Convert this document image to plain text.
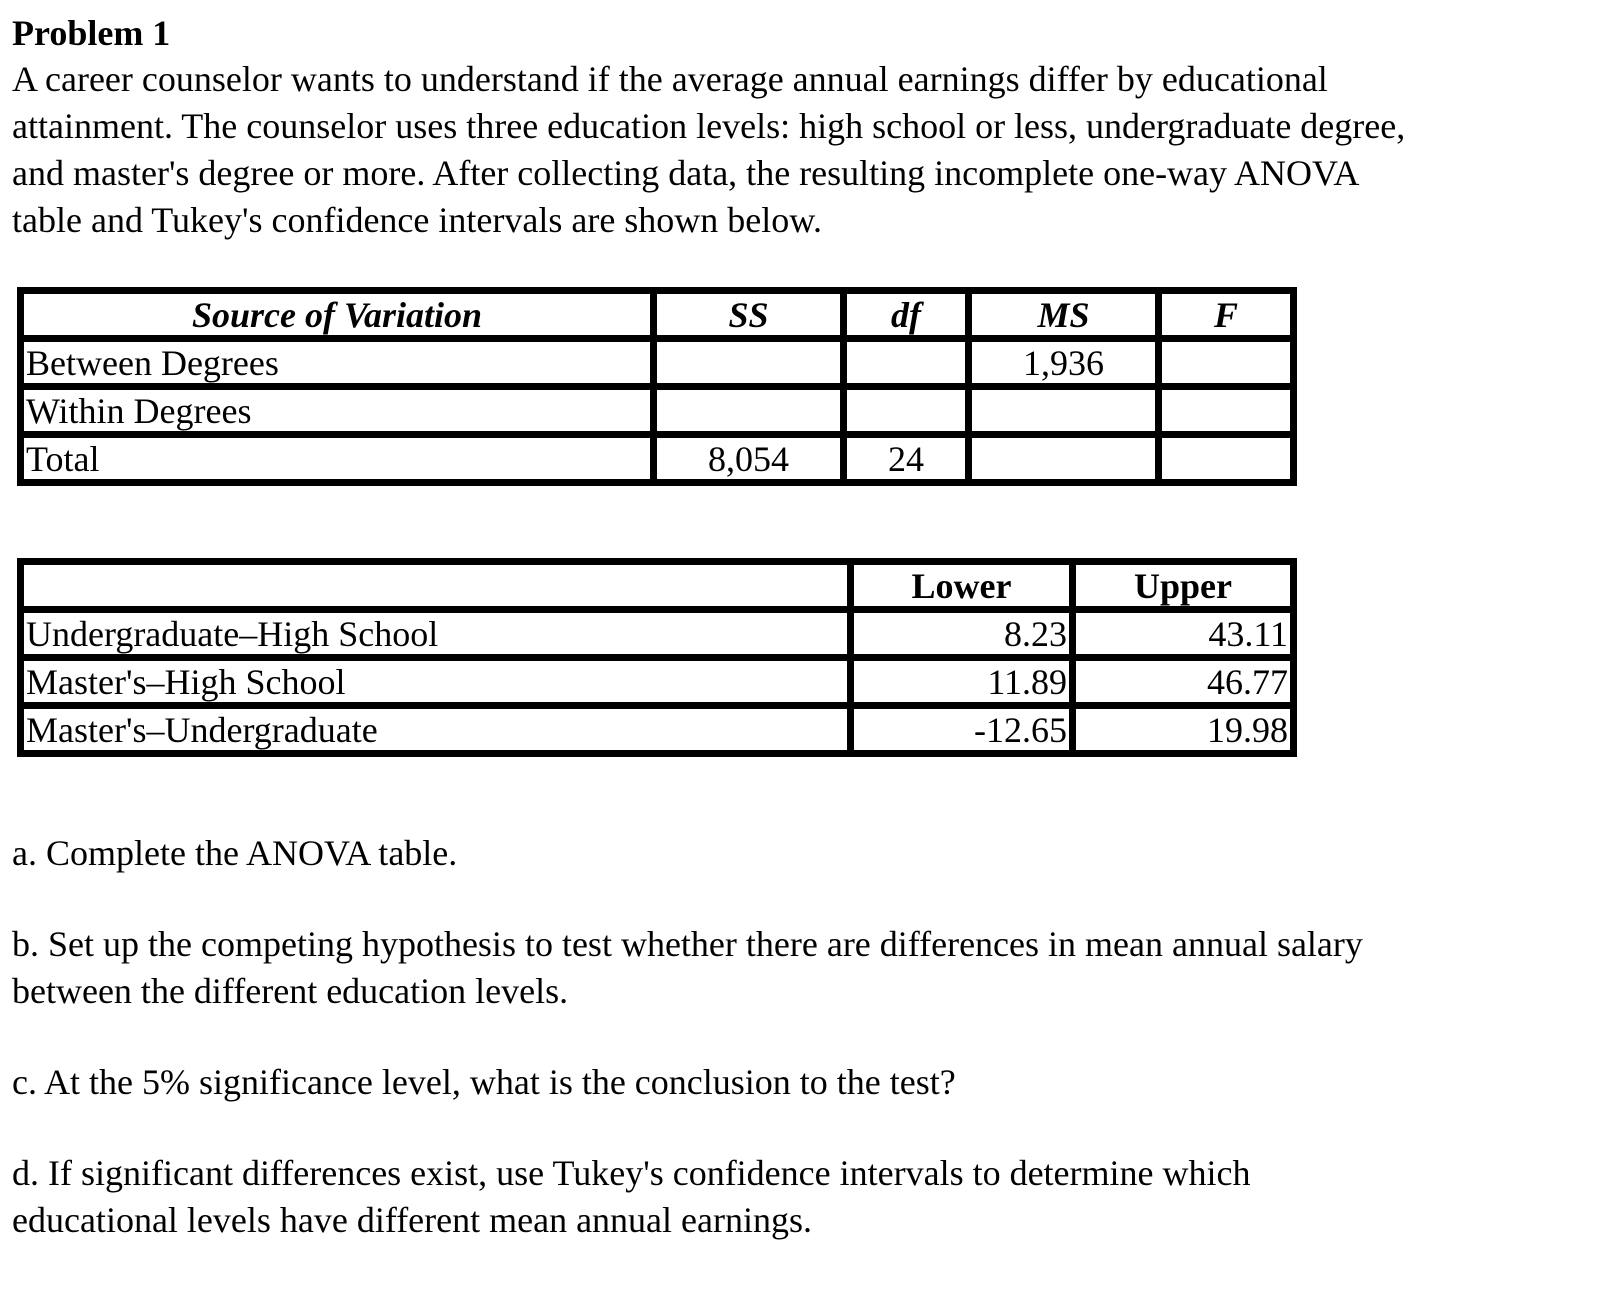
Problem 1
A career counselor wants to understand if the average annual earnings differ by educational
attainment. The counselor uses three education levels: high school or less, undergraduate degree,
and master's degree or more. After collecting data, the resulting incomplete one-way ANOVA
table and Tukey's confidence intervals are shown below.
Source of Variation	SS	df	MS	F
Between Degrees			1,936	
Within Degrees				
Total	8,054	24		
	Lower	Upper
Undergraduate–High School	8.23	43.11
Master's–High School	11.89	46.77
Master's–Undergraduate	-12.65	19.98
a. Complete the ANOVA table.
b. Set up the competing hypothesis to test whether there are differences in mean annual salary
between the different education levels.
c. At the 5% significance level, what is the conclusion to the test?
d. If significant differences exist, use Tukey's confidence intervals to determine which
educational levels have different mean annual earnings.
